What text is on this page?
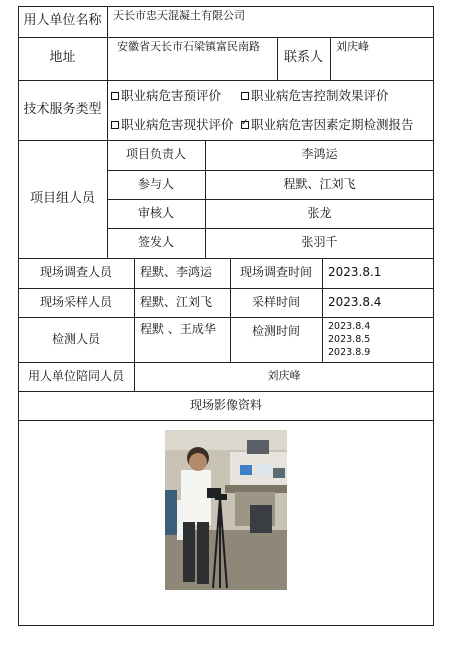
用人单位名称	天长市忠天混凝土有限公司
地址
安徽省天长市石梁镇富民南路
联系人
刘庆峰
技术服务类型
职业病危害预评价 职业病危害控制效果评价
职业病危害现状评价
✓ 职业病危害因素定期检测报告
项目组人员
项目负责人	李鸿运
参与人	程默、江刘飞
审核人	张龙
签发人	张羽千
现场调查人员	程默、李鸿运	现场调查时间	2023.8.1
现场采样人员	程默、江刘飞	采样时间	2023.8.4
检测人员
程默 、王成华	检测时间	2023.8.4
2023.8.5
2023.8.9
用人单位陪同人员	刘庆峰
现场影像资料
